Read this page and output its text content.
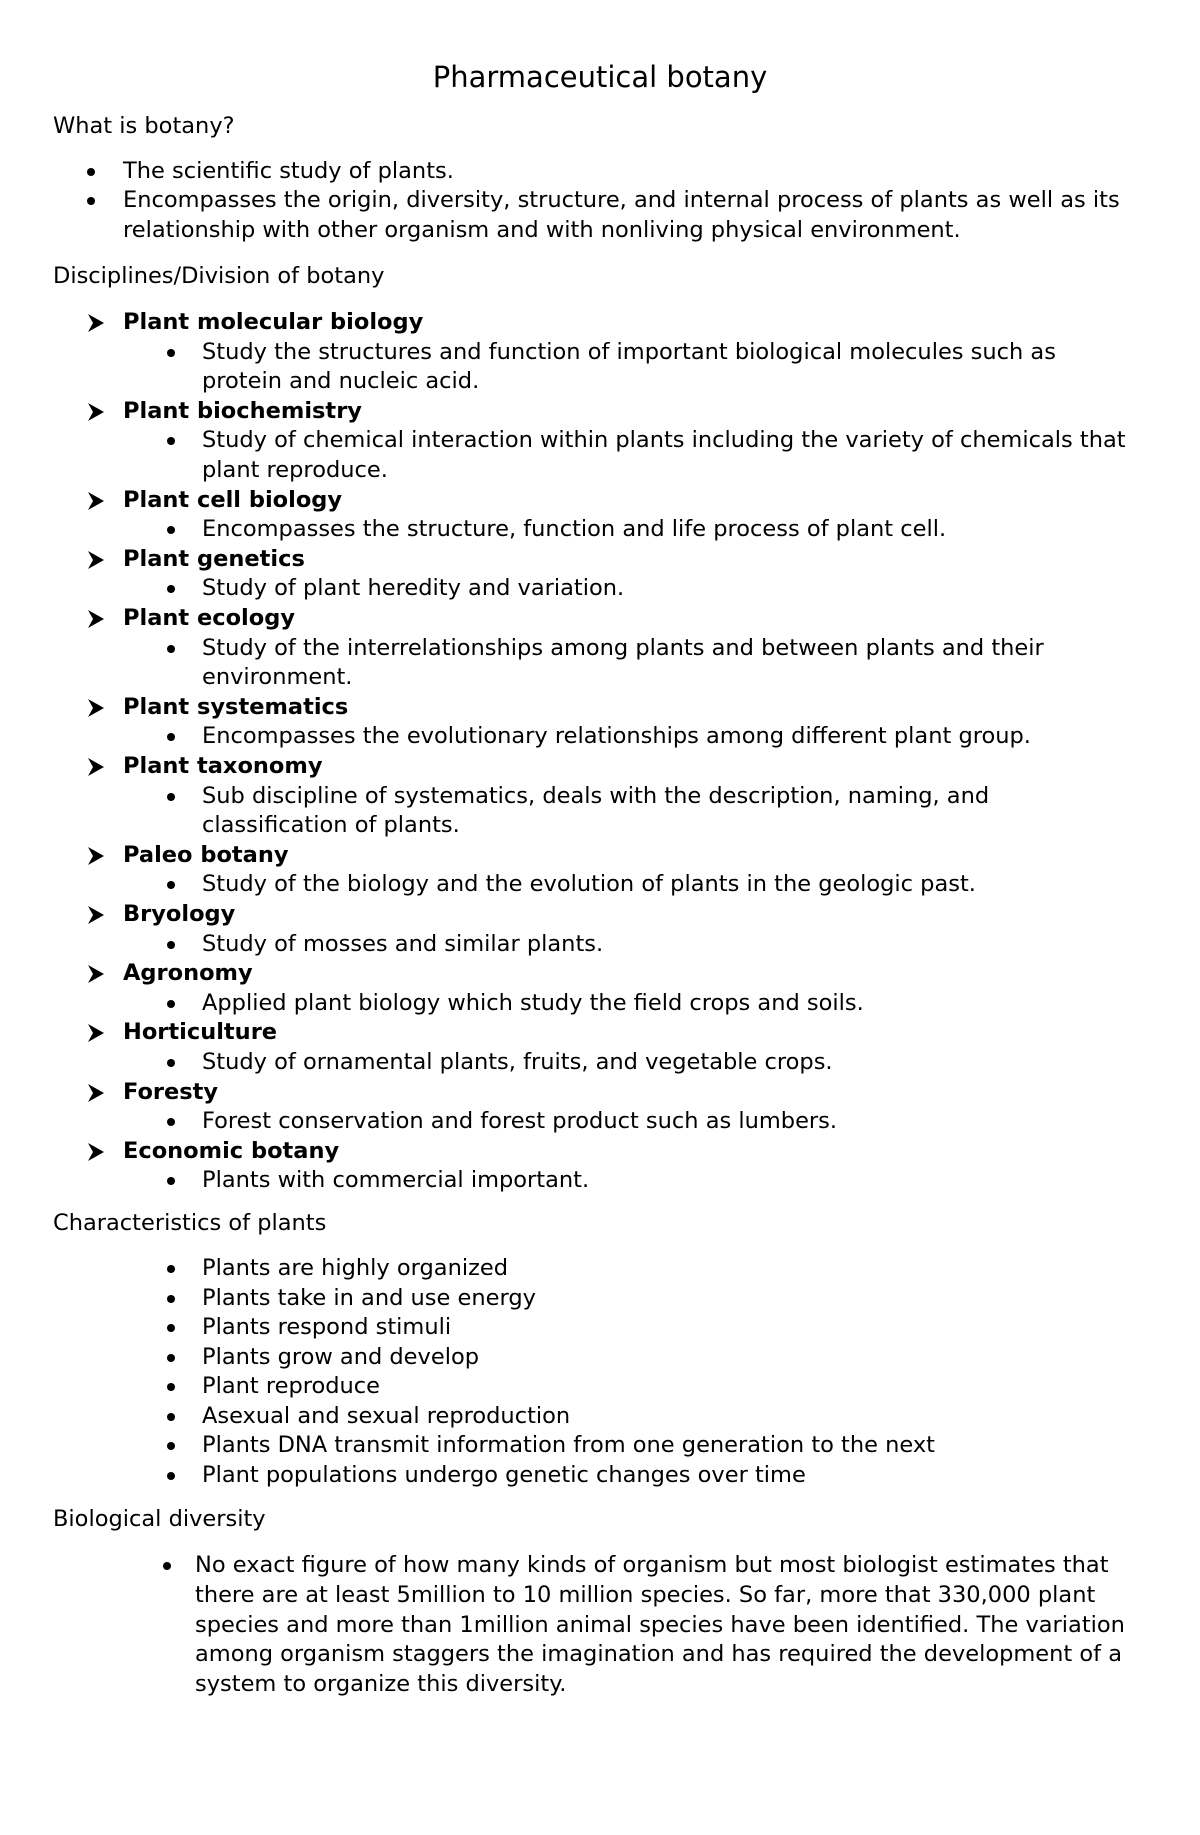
Pharmaceutical botany
What is botany?
The scientific study of plants.
Encompasses the origin, diversity, structure, and internal process of plants as well as its
relationship with other organism and with nonliving physical environment.
Disciplines/Division of botany
Plant molecular biology
Study the structures and function of important biological molecules such as
protein and nucleic acid.
Plant biochemistry
Study of chemical interaction within plants including the variety of chemicals that
plant reproduce.
Plant cell biology
Encompasses the structure, function and life process of plant cell.
Plant genetics
Study of plant heredity and variation.
Plant ecology
Study of the interrelationships among plants and between plants and their
environment.
Plant systematics
Encompasses the evolutionary relationships among different plant group.
Plant taxonomy
Sub discipline of systematics, deals with the description, naming, and
classification of plants.
Paleo botany
Study of the biology and the evolution of plants in the geologic past.
Bryology
Study of mosses and similar plants.
Agronomy
Applied plant biology which study the field crops and soils.
Horticulture
Study of ornamental plants, fruits, and vegetable crops.
Foresty
Forest conservation and forest product such as lumbers.
Economic botany
Plants with commercial important.
Characteristics of plants
Plants are highly organized
Plants take in and use energy
Plants respond stimuli
Plants grow and develop
Plant reproduce
Asexual and sexual reproduction
Plants DNA transmit information from one generation to the next
Plant populations undergo genetic changes over time
Biological diversity
No exact figure of how many kinds of organism but most biologist estimates that
there are at least 5million to 10 million species. So far, more that 330,000 plant
species and more than 1million animal species have been identified. The variation
among organism staggers the imagination and has required the development of a
system to organize this diversity.
